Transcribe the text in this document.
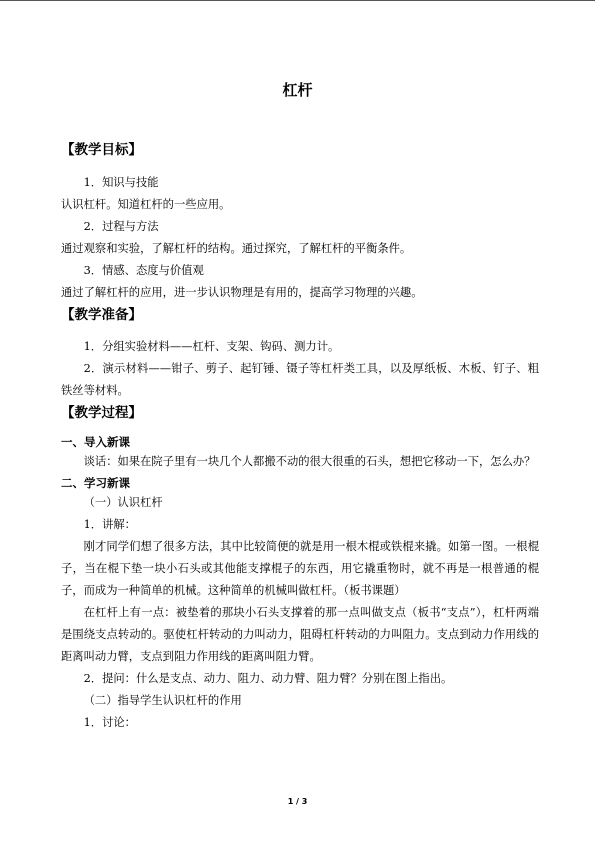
杠杆
【教学目标】
1．知识与技能
认识杠杆。知道杠杆的一些应用。
2．过程与方法
通过观察和实验，了解杠杆的结构。通过探究，了解杠杆的平衡条件。
3．情感、态度与价值观
通过了解杠杆的应用，进一步认识物理是有用的，提高学习物理的兴趣。
【教学准备】
1．分组实验材料——杠杆、支架、钩码、测力计。
2．演示材料——钳子、剪子、起钉锤、镊子等杠杆类工具，以及厚纸板、木板、钉子、粗铁丝等材料。
【教学过程】
一、导入新课
谈话：如果在院子里有一块几个人都搬不动的很大很重的石头，想把它移动一下，怎么办？
二、学习新课
（一）认识杠杆
1．讲解：
刚才同学们想了很多方法，其中比较简便的就是用一根木棍或铁棍来撬。如第一图。一根棍子，当在棍下垫一块小石头或其他能支撑棍子的东西，用它撬重物时，就不再是一根普通的棍子，而成为一种简单的机械。这种简单的机械叫做杠杆。（板书课题）
在杠杆上有一点：被垫着的那块小石头支撑着的那一点叫做支点（板书“支点”），杠杆两端是围绕支点转动的。驱使杠杆转动的力叫动力，阻碍杠杆转动的力叫阻力。支点到动力作用线的距离叫动力臂，支点到阻力作用线的距离叫阻力臂。
2．提问：什么是支点、动力、阻力、动力臂、阻力臂？分别在图上指出。
（二）指导学生认识杠杆的作用
1．讨论：
1 / 3
